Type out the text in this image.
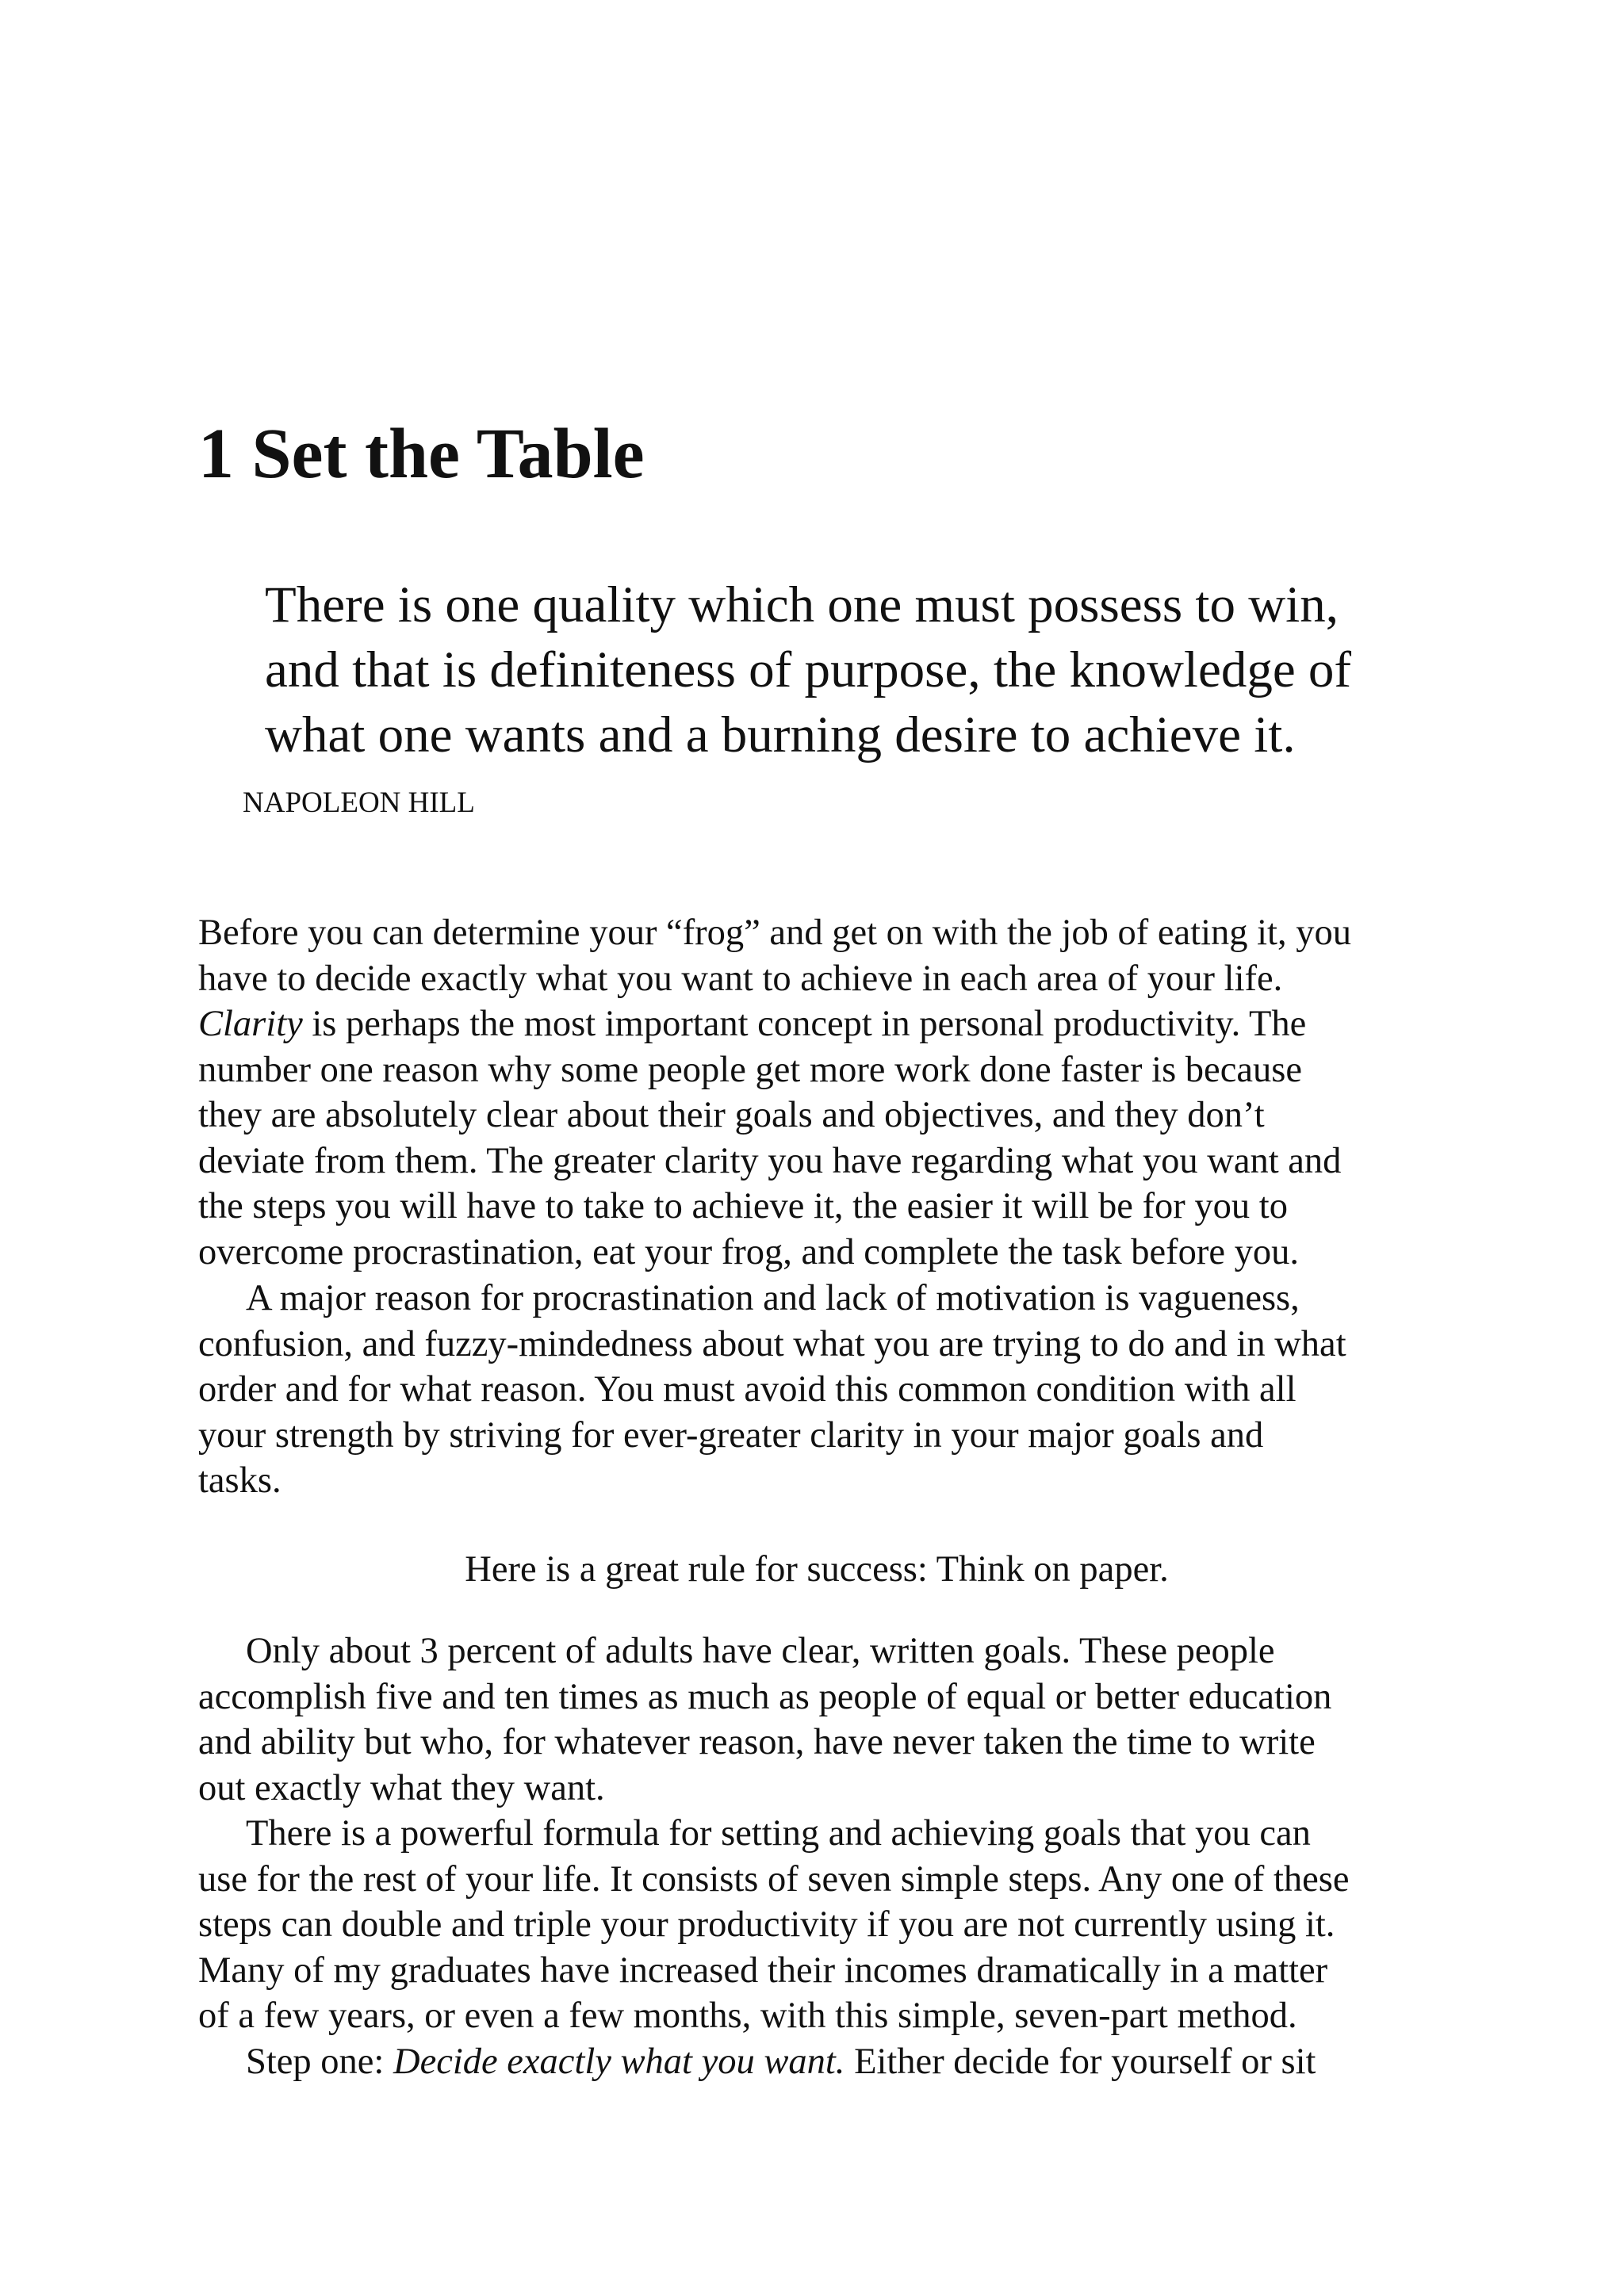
1 Set the Table
There is one quality which one must possess to win,
and that is definiteness of purpose, the knowledge of
what one wants and a burning desire to achieve it.
NAPOLEON HILL
Before you can determine your “frog” and get on with the job of eating it, you
have to decide exactly what you want to achieve in each area of your life.
Clarity is perhaps the most important concept in personal productivity. The
number one reason why some people get more work done faster is because
they are absolutely clear about their goals and objectives, and they don’t
deviate from them. The greater clarity you have regarding what you want and
the steps you will have to take to achieve it, the easier it will be for you to
overcome procrastination, eat your frog, and complete the task before you.
A major reason for procrastination and lack of motivation is vagueness,
confusion, and fuzzy-mindedness about what you are trying to do and in what
order and for what reason. You must avoid this common condition with all
your strength by striving for ever-greater clarity in your major goals and
tasks.
Here is a great rule for success: Think on paper.
Only about 3 percent of adults have clear, written goals. These people
accomplish five and ten times as much as people of equal or better education
and ability but who, for whatever reason, have never taken the time to write
out exactly what they want.
There is a powerful formula for setting and achieving goals that you can
use for the rest of your life. It consists of seven simple steps. Any one of these
steps can double and triple your productivity if you are not currently using it.
Many of my graduates have increased their incomes dramatically in a matter
of a few years, or even a few months, with this simple, seven-part method.
Step one: Decide exactly what you want. Either decide for yourself or sit
